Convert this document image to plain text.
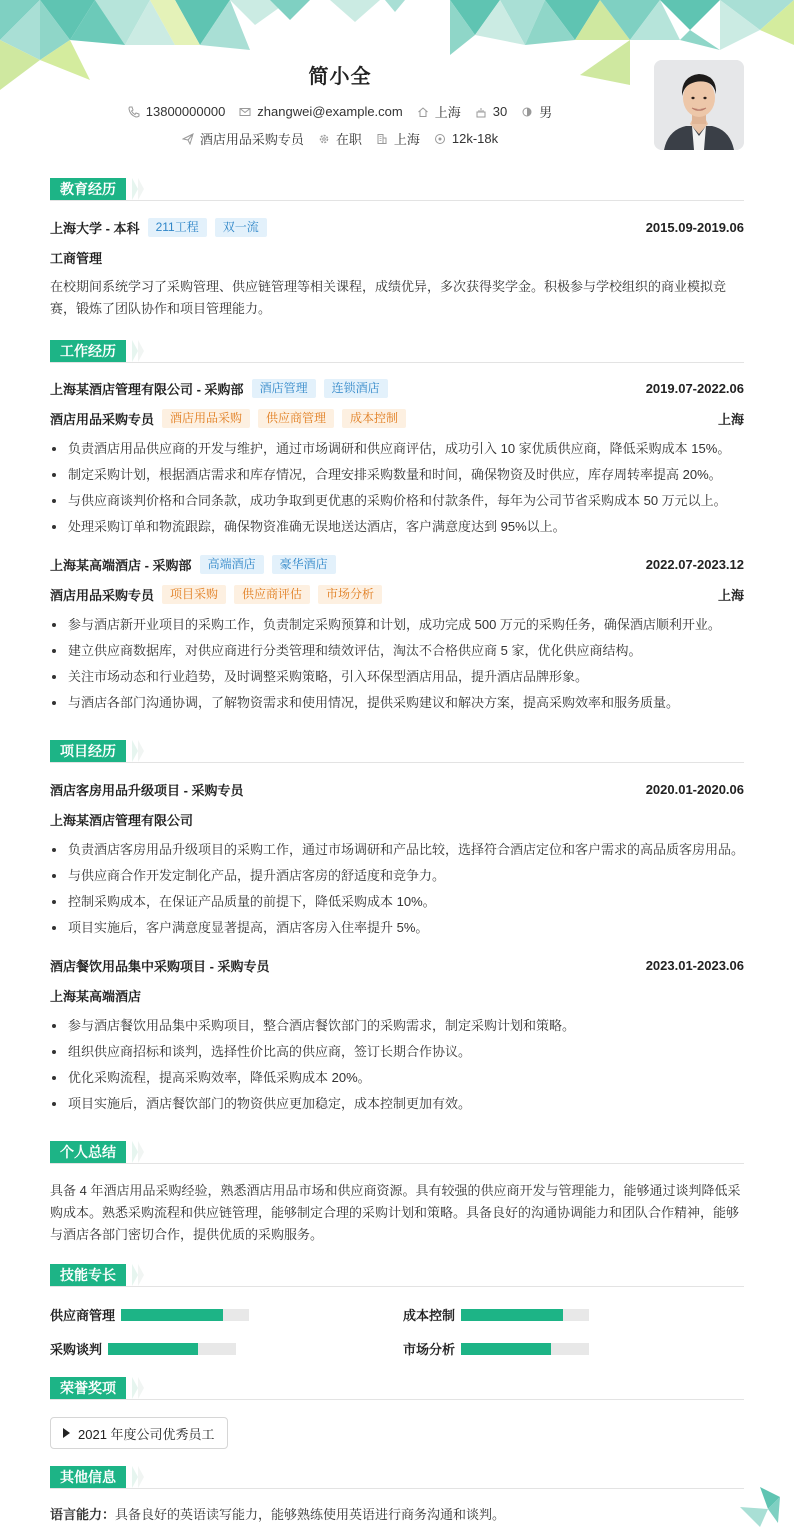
简小全
13800000000 zhangwei@example.com 上海 30 男
酒店用品采购专员 在职 上海 12k-18k
教育经历
上海大学 - 本科	211工程	双一流	2015.09-2019.06
工商管理
在校期间系统学习了采购管理、供应链管理等相关课程，成绩优异，多次获得奖学金。积极参与学校组织的商业模拟竞赛，锻炼了团队协作和项目管理能力。
工作经历
上海某酒店管理有限公司 - 采购部	酒店管理	连锁酒店	2019.07-2022.06
酒店用品采购专员	酒店用品采购	供应商管理	成本控制	上海
负责酒店用品供应商的开发与维护，通过市场调研和供应商评估，成功引入 10 家优质供应商，降低采购成本 15%。
制定采购计划，根据酒店需求和库存情况，合理安排采购数量和时间，确保物资及时供应，库存周转率提高 20%。
与供应商谈判价格和合同条款，成功争取到更优惠的采购价格和付款条件，每年为公司节省采购成本 50 万元以上。
处理采购订单和物流跟踪，确保物资准确无误地送达酒店，客户满意度达到 95%以上。
上海某高端酒店 - 采购部	高端酒店	豪华酒店	2022.07-2023.12
酒店用品采购专员	项目采购	供应商评估	市场分析	上海
参与酒店新开业项目的采购工作，负责制定采购预算和计划，成功完成 500 万元的采购任务，确保酒店顺利开业。
建立供应商数据库，对供应商进行分类管理和绩效评估，淘汰不合格供应商 5 家，优化供应商结构。
关注市场动态和行业趋势，及时调整采购策略，引入环保型酒店用品，提升酒店品牌形象。
与酒店各部门沟通协调，了解物资需求和使用情况，提供采购建议和解决方案，提高采购效率和服务质量。
项目经历
酒店客房用品升级项目 - 采购专员	2020.01-2020.06
上海某酒店管理有限公司
负责酒店客房用品升级项目的采购工作，通过市场调研和产品比较，选择符合酒店定位和客户需求的高品质客房用品。
与供应商合作开发定制化产品，提升酒店客房的舒适度和竞争力。
控制采购成本，在保证产品质量的前提下，降低采购成本 10%。
项目实施后，客户满意度显著提高，酒店客房入住率提升 5%。
酒店餐饮用品集中采购项目 - 采购专员	2023.01-2023.06
上海某高端酒店
参与酒店餐饮用品集中采购项目，整合酒店餐饮部门的采购需求，制定采购计划和策略。
组织供应商招标和谈判，选择性价比高的供应商，签订长期合作协议。
优化采购流程，提高采购效率，降低采购成本 20%。
项目实施后，酒店餐饮部门的物资供应更加稳定，成本控制更加有效。
个人总结
具备 4 年酒店用品采购经验，熟悉酒店用品市场和供应商资源。具有较强的供应商开发与管理能力，能够通过谈判降低采购成本。熟悉采购流程和供应链管理，能够制定合理的采购计划和策略。具备良好的沟通协调能力和团队合作精神，能够与酒店各部门密切合作，提供优质的采购服务。
技能专长
供应商管理	成本控制
采购谈判	市场分析
荣誉奖项
2021 年度公司优秀员工
其他信息
语言能力：具备良好的英语读写能力，能够熟练使用英语进行商务沟通和谈判。
